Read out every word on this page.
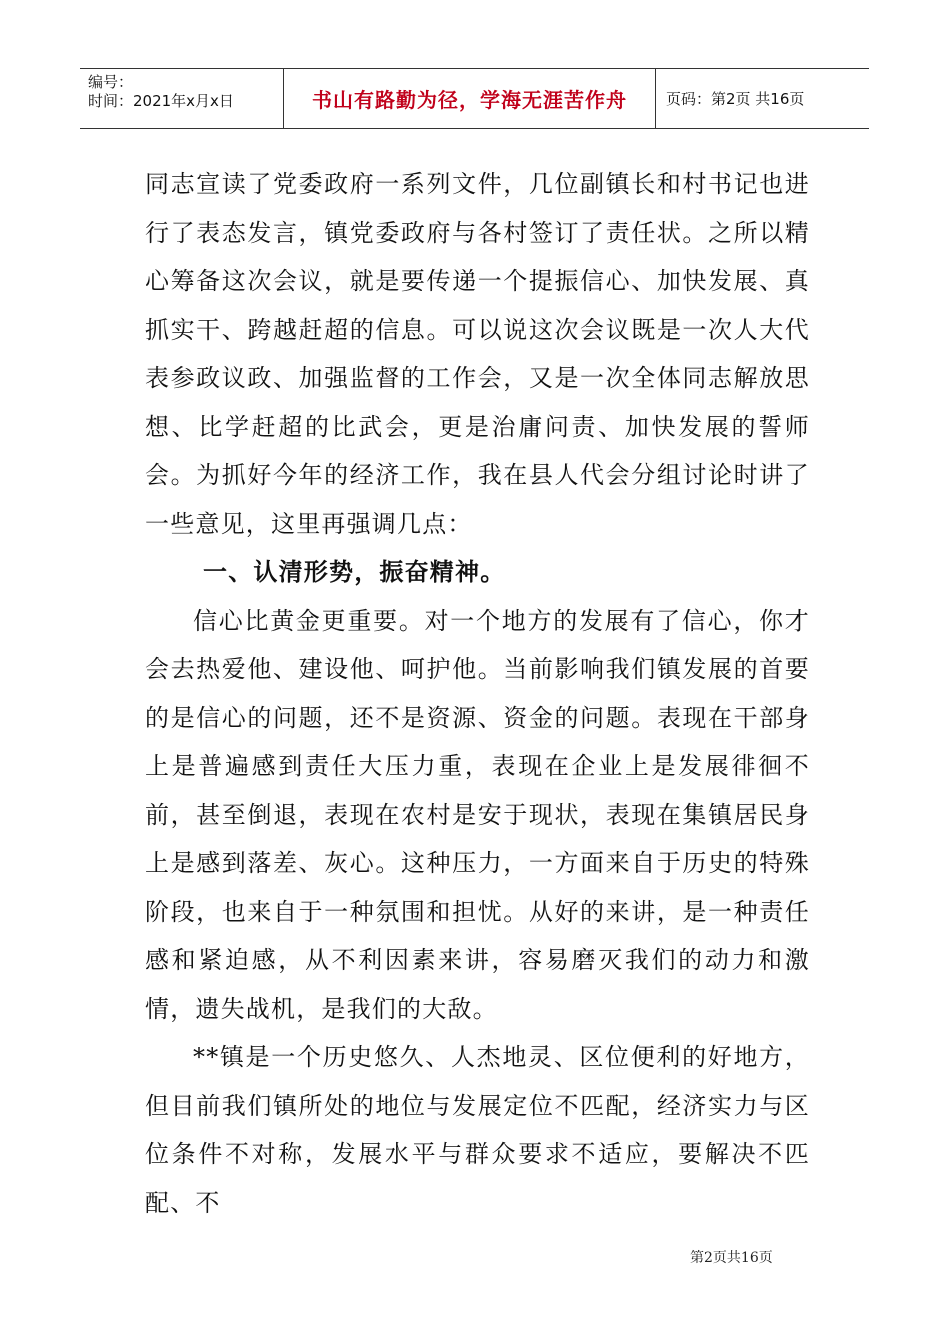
编号：
时间：2021年x月x日	书山有路勤为径，学海无涯苦作舟	页码：第2页 共16页

同志宣读了党委政府一系列文件，几位副镇长和村书记也进行了表态发言，镇党委政府与各村签订了责任状。之所以精心筹备这次会议，就是要传递一个提振信心、加快发展、真抓实干、跨越赶超的信息。可以说这次会议既是一次人大代表参政议政、加强监督的工作会，又是一次全体同志解放思想、比学赶超的比武会，更是治庸问责、加快发展的誓师会。为抓好今年的经济工作，我在县人代会分组讨论时讲了一些意见，这里再强调几点：

一、认清形势，振奋精神。

信心比黄金更重要。对一个地方的发展有了信心，你才会去热爱他、建设他、呵护他。当前影响我们镇发展的首要的是信心的问题，还不是资源、资金的问题。表现在干部身上是普遍感到责任大压力重，表现在企业上是发展徘徊不前，甚至倒退，表现在农村是安于现状，表现在集镇居民身上是感到落差、灰心。这种压力，一方面来自于历史的特殊阶段，也来自于一种氛围和担忧。从好的来讲，是一种责任感和紧迫感，从不利因素来讲，容易磨灭我们的动力和激情，遗失战机，是我们的大敌。

**镇是一个历史悠久、人杰地灵、区位便利的好地方，但目前我们镇所处的地位与发展定位不匹配，经济实力与区位条件不对称，发展水平与群众要求不适应，要解决不匹配、不

第2页共16页
